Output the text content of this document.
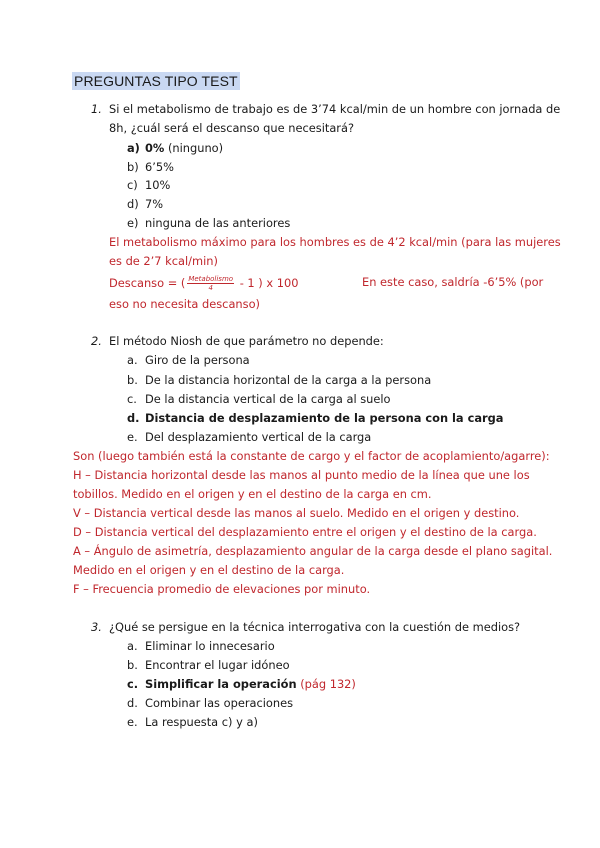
PREGUNTAS TIPO TEST
1. Si el metabolismo de trabajo es de 3’74 kcal/min de un hombre con jornada de
8h, ¿cuál será el descanso que necesitará?
a) 0% (ninguno)
b) 6’5%
c) 10%
d) 7%
e) ninguna de las anteriores
El metabolismo máximo para los hombres es de 4’2 kcal/min (para las mujeres
es de 2’7 kcal/min)
Descanso = ( $\frac{\text{Metabolismo}}{4} - 1$ ) x 100	En este caso, saldría -6’5% (por
eso no necesita descanso)
2. El método Niosh de que parámetro no depende:
a. Giro de la persona
b. De la distancia horizontal de la carga a la persona
c. De la distancia vertical de la carga al suelo
d. Distancia de desplazamiento de la persona con la carga
e. Del desplazamiento vertical de la carga
Son (luego también está la constante de cargo y el factor de acoplamiento/agarre):
H – Distancia horizontal desde las manos al punto medio de la línea que une los
tobillos. Medido en el origen y en el destino de la carga en cm.
V – Distancia vertical desde las manos al suelo. Medido en el origen y destino.
D – Distancia vertical del desplazamiento entre el origen y el destino de la carga.
A – Ángulo de asimetría, desplazamiento angular de la carga desde el plano sagital.
Medido en el origen y en el destino de la carga.
F – Frecuencia promedio de elevaciones por minuto.
3. ¿Qué se persigue en la técnica interrogativa con la cuestión de medios?
a. Eliminar lo innecesario
b. Encontrar el lugar idóneo
c. Simplificar la operación (pág 132)
d. Combinar las operaciones
e. La respuesta c) y a)
